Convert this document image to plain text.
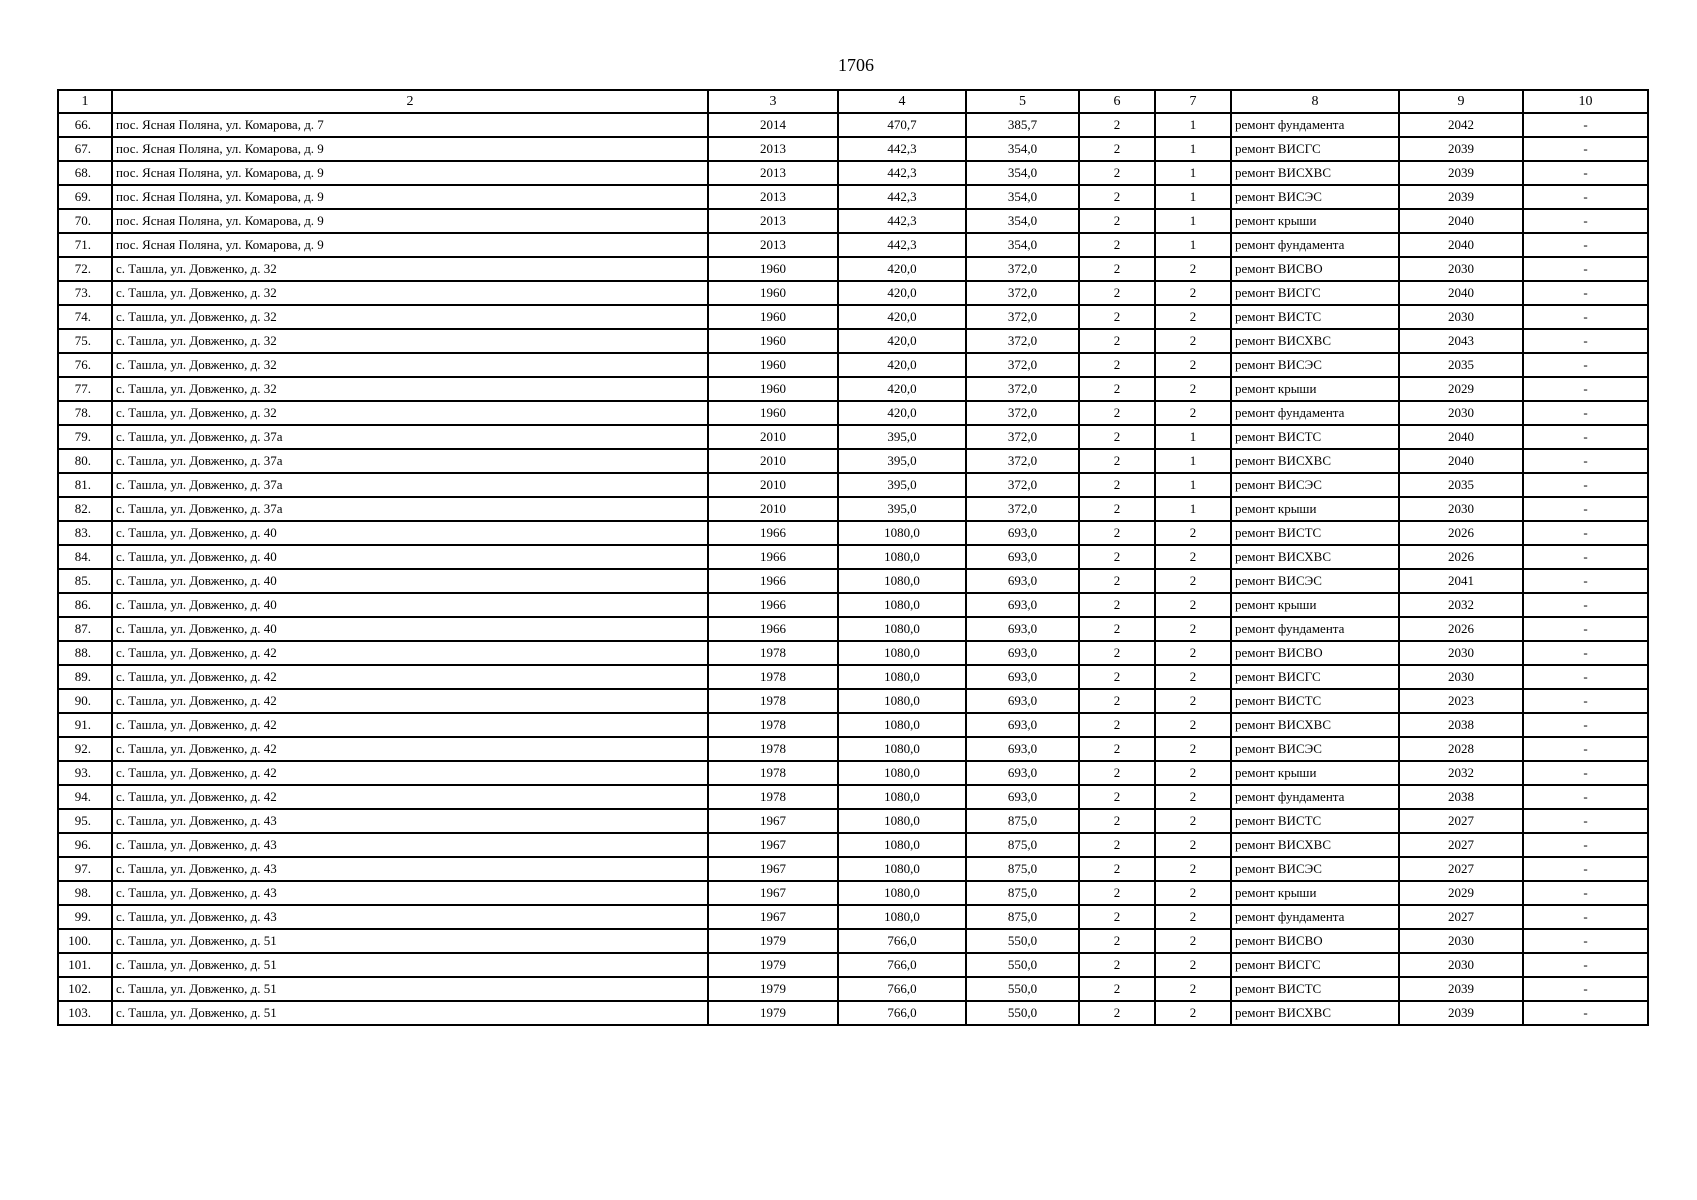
1706
1	2	3	4	5	6	7	8	9	10
66.	пос. Ясная Поляна, ул. Комарова, д. 7	2014	470,7	385,7	2	1	ремонт фундамента	2042	-
67.	пос. Ясная Поляна, ул. Комарова, д. 9	2013	442,3	354,0	2	1	ремонт ВИСГС	2039	-
68.	пос. Ясная Поляна, ул. Комарова, д. 9	2013	442,3	354,0	2	1	ремонт ВИСХВС	2039	-
69.	пос. Ясная Поляна, ул. Комарова, д. 9	2013	442,3	354,0	2	1	ремонт ВИСЭС	2039	-
70.	пос. Ясная Поляна, ул. Комарова, д. 9	2013	442,3	354,0	2	1	ремонт крыши	2040	-
71.	пос. Ясная Поляна, ул. Комарова, д. 9	2013	442,3	354,0	2	1	ремонт фундамента	2040	-
72.	с. Ташла, ул. Довженко, д. 32	1960	420,0	372,0	2	2	ремонт ВИСВО	2030	-
73.	с. Ташла, ул. Довженко, д. 32	1960	420,0	372,0	2	2	ремонт ВИСГС	2040	-
74.	с. Ташла, ул. Довженко, д. 32	1960	420,0	372,0	2	2	ремонт ВИСТС	2030	-
75.	с. Ташла, ул. Довженко, д. 32	1960	420,0	372,0	2	2	ремонт ВИСХВС	2043	-
76.	с. Ташла, ул. Довженко, д. 32	1960	420,0	372,0	2	2	ремонт ВИСЭС	2035	-
77.	с. Ташла, ул. Довженко, д. 32	1960	420,0	372,0	2	2	ремонт крыши	2029	-
78.	с. Ташла, ул. Довженко, д. 32	1960	420,0	372,0	2	2	ремонт фундамента	2030	-
79.	с. Ташла, ул. Довженко, д. 37а	2010	395,0	372,0	2	1	ремонт ВИСТС	2040	-
80.	с. Ташла, ул. Довженко, д. 37а	2010	395,0	372,0	2	1	ремонт ВИСХВС	2040	-
81.	с. Ташла, ул. Довженко, д. 37а	2010	395,0	372,0	2	1	ремонт ВИСЭС	2035	-
82.	с. Ташла, ул. Довженко, д. 37а	2010	395,0	372,0	2	1	ремонт крыши	2030	-
83.	с. Ташла, ул. Довженко, д. 40	1966	1080,0	693,0	2	2	ремонт ВИСТС	2026	-
84.	с. Ташла, ул. Довженко, д. 40	1966	1080,0	693,0	2	2	ремонт ВИСХВС	2026	-
85.	с. Ташла, ул. Довженко, д. 40	1966	1080,0	693,0	2	2	ремонт ВИСЭС	2041	-
86.	с. Ташла, ул. Довженко, д. 40	1966	1080,0	693,0	2	2	ремонт крыши	2032	-
87.	с. Ташла, ул. Довженко, д. 40	1966	1080,0	693,0	2	2	ремонт фундамента	2026	-
88.	с. Ташла, ул. Довженко, д. 42	1978	1080,0	693,0	2	2	ремонт ВИСВО	2030	-
89.	с. Ташла, ул. Довженко, д. 42	1978	1080,0	693,0	2	2	ремонт ВИСГС	2030	-
90.	с. Ташла, ул. Довженко, д. 42	1978	1080,0	693,0	2	2	ремонт ВИСТС	2023	-
91.	с. Ташла, ул. Довженко, д. 42	1978	1080,0	693,0	2	2	ремонт ВИСХВС	2038	-
92.	с. Ташла, ул. Довженко, д. 42	1978	1080,0	693,0	2	2	ремонт ВИСЭС	2028	-
93.	с. Ташла, ул. Довженко, д. 42	1978	1080,0	693,0	2	2	ремонт крыши	2032	-
94.	с. Ташла, ул. Довженко, д. 42	1978	1080,0	693,0	2	2	ремонт фундамента	2038	-
95.	с. Ташла, ул. Довженко, д. 43	1967	1080,0	875,0	2	2	ремонт ВИСТС	2027	-
96.	с. Ташла, ул. Довженко, д. 43	1967	1080,0	875,0	2	2	ремонт ВИСХВС	2027	-
97.	с. Ташла, ул. Довженко, д. 43	1967	1080,0	875,0	2	2	ремонт ВИСЭС	2027	-
98.	с. Ташла, ул. Довженко, д. 43	1967	1080,0	875,0	2	2	ремонт крыши	2029	-
99.	с. Ташла, ул. Довженко, д. 43	1967	1080,0	875,0	2	2	ремонт фундамента	2027	-
100.	с. Ташла, ул. Довженко, д. 51	1979	766,0	550,0	2	2	ремонт ВИСВО	2030	-
101.	с. Ташла, ул. Довженко, д. 51	1979	766,0	550,0	2	2	ремонт ВИСГС	2030	-
102.	с. Ташла, ул. Довженко, д. 51	1979	766,0	550,0	2	2	ремонт ВИСТС	2039	-
103.	с. Ташла, ул. Довженко, д. 51	1979	766,0	550,0	2	2	ремонт ВИСХВС	2039	-
